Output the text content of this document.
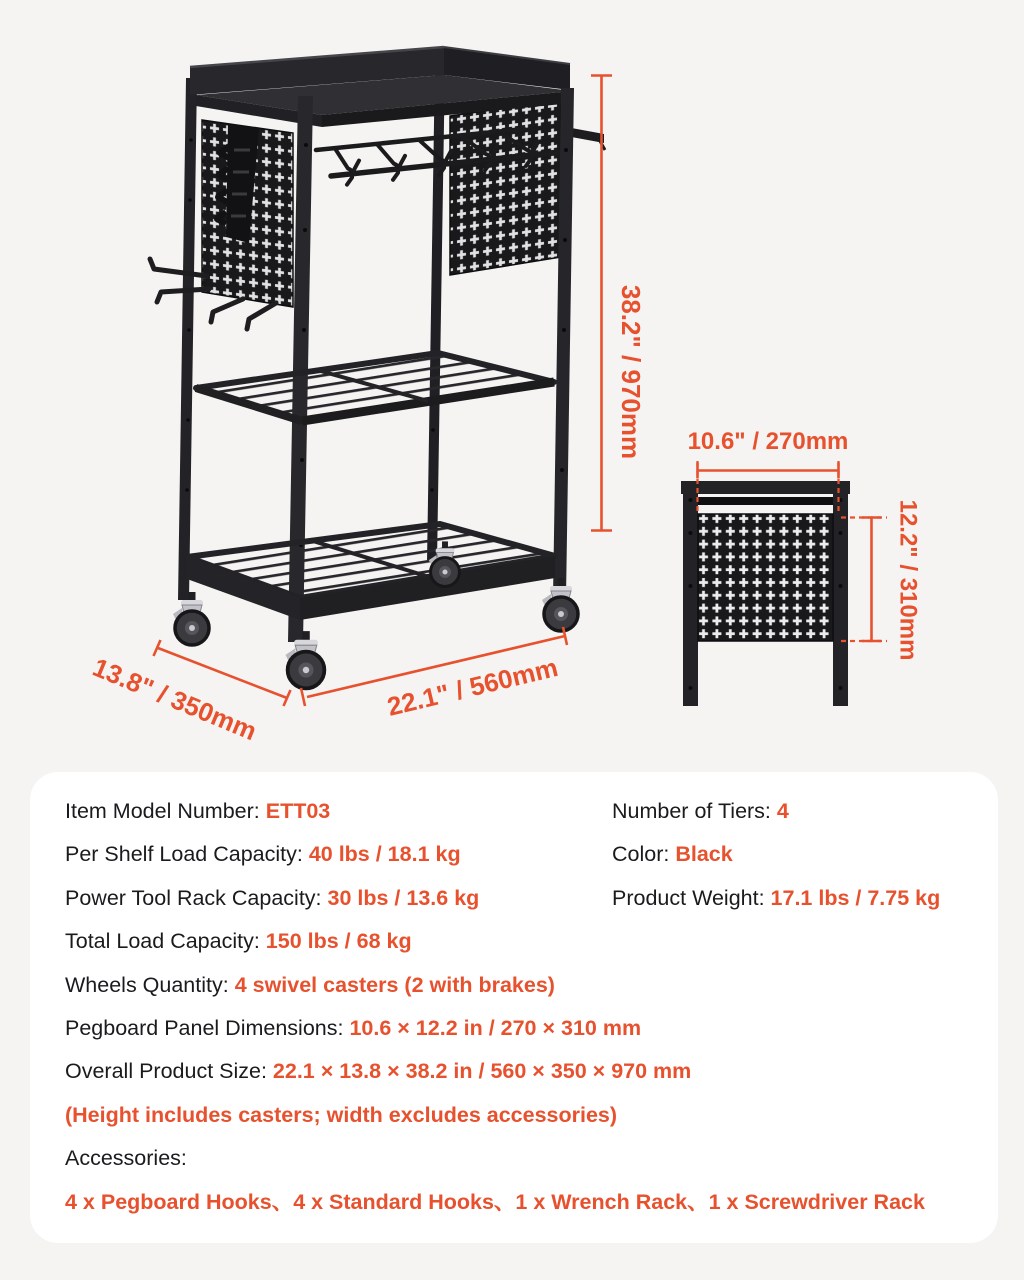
38.2" / 970mm
13.8" / 350mm	22.1" / 560mm
10.6" / 270mm
12.2" / 310mm
Item Model Number: ETT03
Per Shelf Load Capacity: 40 lbs / 18.1 kg
Power Tool Rack Capacity: 30 lbs / 13.6 kg
Total Load Capacity: 150 lbs / 68 kg
Wheels Quantity: 4 swivel casters (2 with brakes)
Pegboard Panel Dimensions: 10.6 × 12.2 in / 270 × 310 mm
Overall Product Size: 22.1 × 13.8 × 38.2 in / 560 × 350 × 970 mm
(Height includes casters; width excludes accessories)
Accessories:
4 x Pegboard Hooks、4 x Standard Hooks、1 x Wrench Rack、1 x Screwdriver Rack
Number of Tiers: 4
Color: Black
Product Weight: 17.1 lbs / 7.75 kg
